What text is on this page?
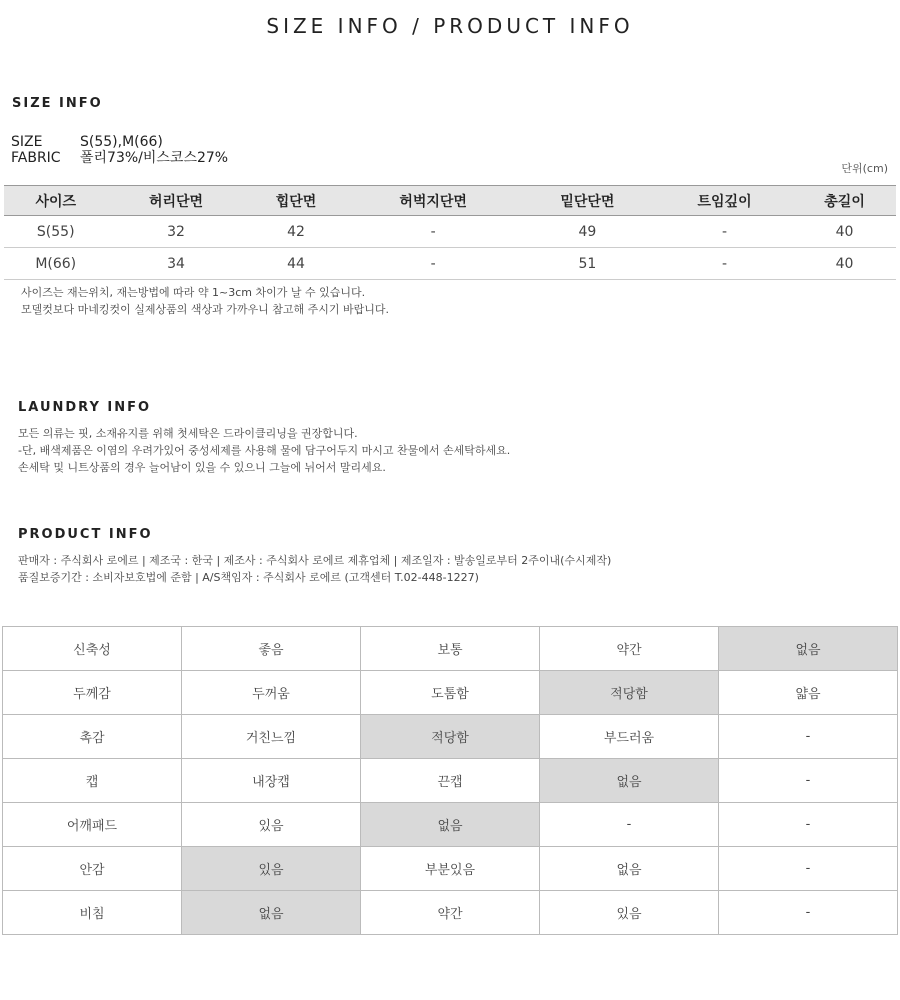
SIZE INFO / PRODUCT INFO
SIZE INFO
SIZE	S(55),M(66)
FABRIC	폴리73%/비스코스27%
단위(cm)
사이즈	허리단면	힙단면	허벅지단면	밑단단면	트임깊이	총길이
S(55)	32	42	-	49	-	40
M(66)	34	44	-	51	-	40
사이즈는 재는위치, 재는방법에 따라 약 1~3cm 차이가 날 수 있습니다.
모델컷보다 마네킹컷이 실제상품의 색상과 가까우니 참고해 주시기 바랍니다.
LAUNDRY INFO
모든 의류는 핏, 소재유지를 위해 첫세탁은 드라이클리닝을 권장합니다.
-단, 배색제품은 이염의 우려가있어 중성세제를 사용해 물에 담구어두지 마시고 찬물에서 손세탁하세요.
손세탁 및 니트상품의 경우 늘어남이 있을 수 있으니 그늘에 뉘어서 말리세요.
PRODUCT INFO
판매자 : 주식회사 로에르 | 제조국 : 한국 | 제조사 : 주식회사 로에르 제휴업체 | 제조일자 : 발송일로부터 2주이내(수시제작)
품질보증기간 : 소비자보호법에 준함 | A/S책임자 : 주식회사 로에르 (고객센터 T.02-448-1227)
신축성	좋음	보통	약간	없음
두께감	두꺼움	도톰함	적당함	얇음
촉감	거친느낌	적당함	부드러움	-
캡	내장캡	끈캡	없음	-
어깨패드	있음	없음	-	-
안감	있음	부분있음	없음	-
비침	없음	약간	있음	-
